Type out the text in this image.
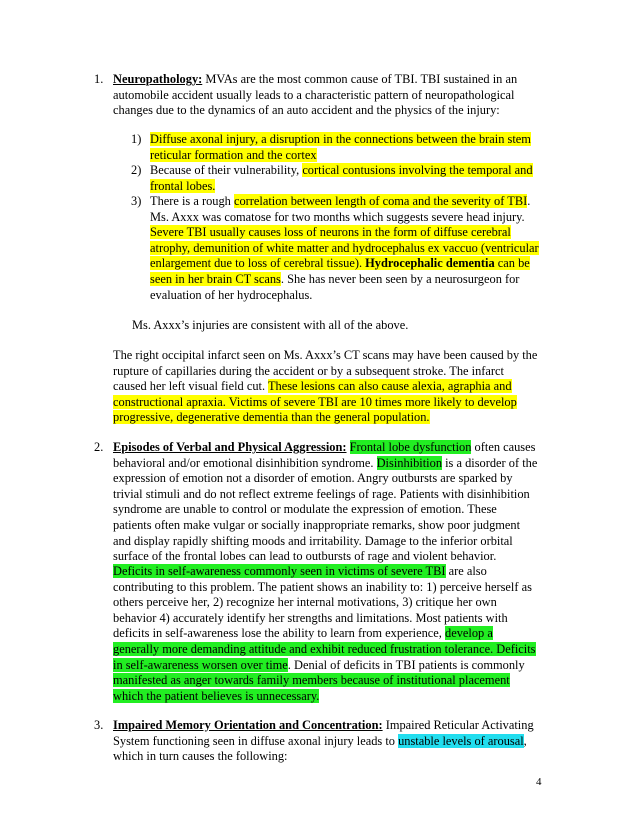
1. Neuropathology: MVAs are the most common cause of TBI. TBI sustained in an
automobile accident usually leads to a characteristic pattern of neuropathological
changes due to the dynamics of an auto accident and the physics of the injury:
1) Diffuse axonal injury, a disruption in the connections between the brain stem
reticular formation and the cortex
2) Because of their vulnerability, cortical contusions involving the temporal and
frontal lobes.
3) There is a rough correlation between length of coma and the severity of TBI.
Ms. Axxx was comatose for two months which suggests severe head injury.
Severe TBI usually causes loss of neurons in the form of diffuse cerebral
atrophy, demunition of white matter and hydrocephalus ex vaccuo (ventricular
enlargement due to loss of cerebral tissue). Hydrocephalic dementia can be
seen in her brain CT scans. She has never been seen by a neurosurgeon for
evaluation of her hydrocephalus.
Ms. Axxx’s injuries are consistent with all of the above.
The right occipital infarct seen on Ms. Axxx’s CT scans may have been caused by the
rupture of capillaries during the accident or by a subsequent stroke. The infarct
caused her left visual field cut. These lesions can also cause alexia, agraphia and
constructional apraxia. Victims of severe TBI are 10 times more likely to develop
progressive, degenerative dementia than the general population.
2. Episodes of Verbal and Physical Aggression: Frontal lobe dysfunction often causes
behavioral and/or emotional disinhibition syndrome. Disinhibition is a disorder of the
expression of emotion not a disorder of emotion. Angry outbursts are sparked by
trivial stimuli and do not reflect extreme feelings of rage. Patients with disinhibition
syndrome are unable to control or modulate the expression of emotion. These
patients often make vulgar or socially inappropriate remarks, show poor judgment
and display rapidly shifting moods and irritability. Damage to the inferior orbital
surface of the frontal lobes can lead to outbursts of rage and violent behavior.
Deficits in self-awareness commonly seen in victims of severe TBI are also
contributing to this problem. The patient shows an inability to: 1) perceive herself as
others perceive her, 2) recognize her internal motivations, 3) critique her own
behavior 4) accurately identify her strengths and limitations. Most patients with
deficits in self-awareness lose the ability to learn from experience, develop a
generally more demanding attitude and exhibit reduced frustration tolerance. Deficits
in self-awareness worsen over time. Denial of deficits in TBI patients is commonly
manifested as anger towards family members because of institutional placement
which the patient believes is unnecessary.
3. Impaired Memory Orientation and Concentration: Impaired Reticular Activating
System functioning seen in diffuse axonal injury leads to unstable levels of arousal,
which in turn causes the following:
4
